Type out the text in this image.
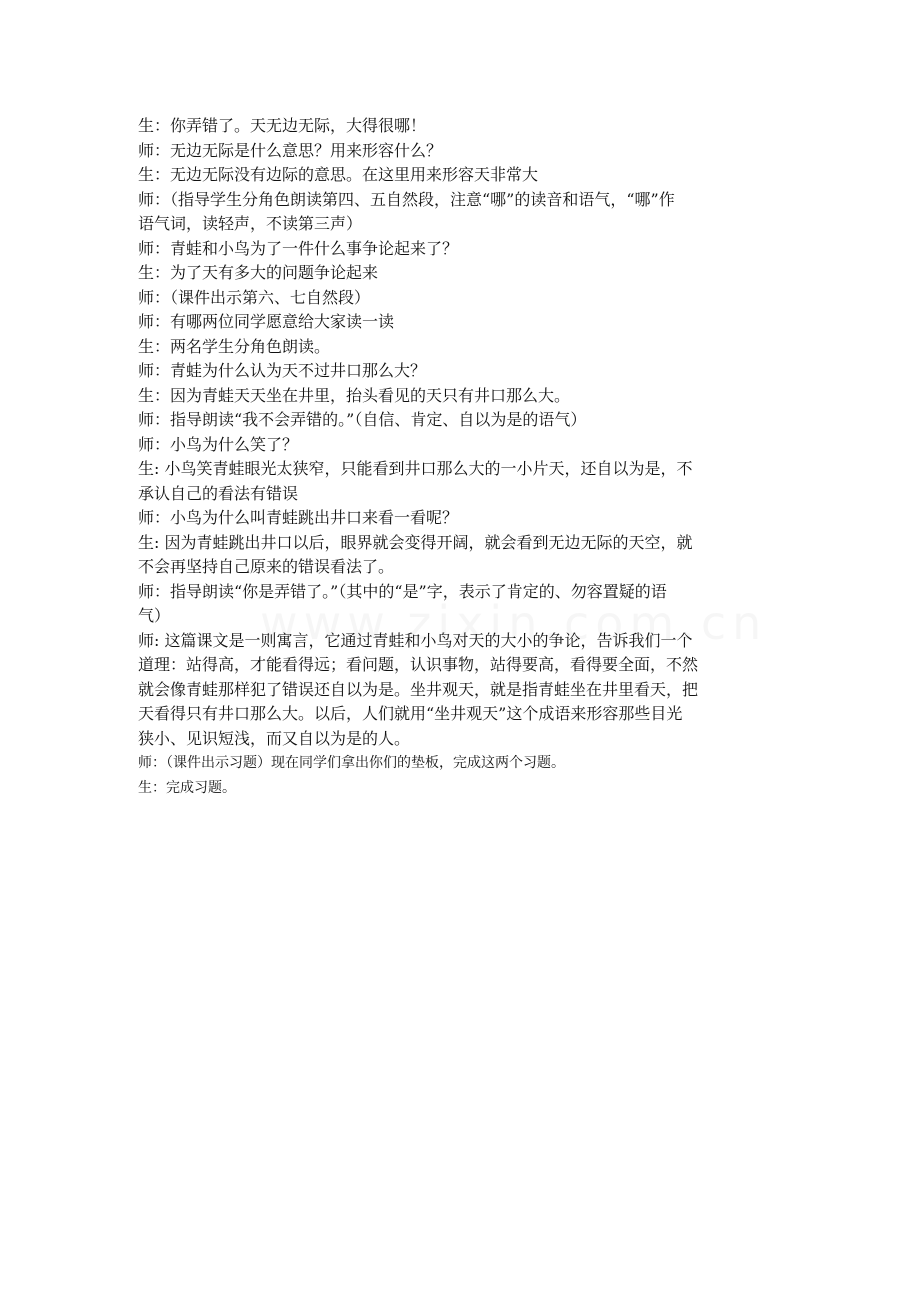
生：你弄错了。天无边无际，大得很哪！

师：无边无际是什么意思？用来形容什么？

生：无边无际没有边际的意思。在这里用来形容天非常大

师：（指导学生分角色朗读第四、五自然段，注意“哪”的读音和语气，“哪”作

语气词，读轻声，不读第三声）

师：青蛙和小鸟为了一件什么事争论起来了？

生：为了天有多大的问题争论起来

师：（课件出示第六、七自然段）

师：有哪两位同学愿意给大家读一读

生：两名学生分角色朗读。

师：青蛙为什么认为天不过井口那么大？

生：因为青蛙天天坐在井里，抬头看见的天只有井口那么大。

师：指导朗读“我不会弄错的。”（自信、肯定、自以为是的语气）

师：小鸟为什么笑了？

生: 小鸟笑青蛙眼光太狭窄，只能看到井口那么大的一小片天，还自以为是，不

承认自己的看法有错误

师：小鸟为什么叫青蛙跳出井口来看一看呢？

生: 因为青蛙跳出井口以后，眼界就会变得开阔，就会看到无边无际的天空，就

不会再坚持自己原来的错误看法了。

师：指导朗读“你是弄错了。”（其中的“是”字，表示了肯定的、勿容置疑的语

气）

师: 这篇课文是一则寓言，它通过青蛙和小鸟对天的大小的争论，告诉我们一个

道理：站得高，才能看得远；看问题，认识事物，站得要高，看得要全面，不然

就会像青蛙那样犯了错误还自以为是。坐井观天，就是指青蛙坐在井里看天，把

天看得只有井口那么大。以后，人们就用“坐井观天”这个成语来形容那些目光

狭小、见识短浅，而又自以为是的人。

师：（课件出示习题）现在同学们拿出你们的垫板，完成这两个习题。

生：完成习题。
